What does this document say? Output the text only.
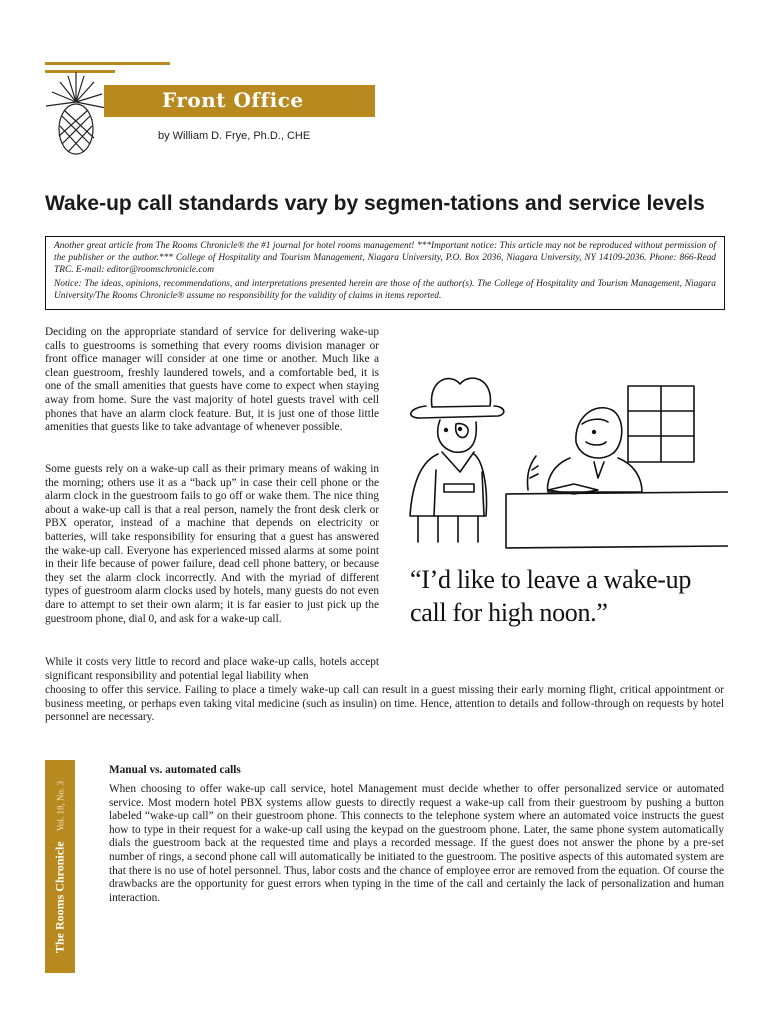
Front Office
by William D. Frye, Ph.D., CHE
Wake-up call standards vary by segmen-tations and service levels

Another great article from The Rooms Chronicle® the #1 journal for hotel rooms management! ***Important notice: This article may not be reproduced without permission of the publisher or the author.*** College of Hospitality and Tourism Management, Niagara University, P.O. Box 2036, Niagara University, NY 14109-2036. Phone: 866-Read TRC. E-mail: editor@roomschronicle.com

Notice: The ideas, opinions, recommendations, and interpretations presented herein are those of the author(s). The College of Hospitality and Tourism Management, Niagara University/The Rooms Chronicle® assume no responsibility for the validity of claims in items reported.

Deciding on the appropriate standard of service for delivering wake-up calls to guestrooms is something that every rooms division manager or front office manager will consider at one time or another. Much like a clean guestroom, freshly laundered towels, and a comfortable bed, it is one of the small amenities that guests have come to expect when staying away from home. Sure the vast majority of hotel guests travel with cell phones that have an alarm clock feature. But, it is just one of those little amenities that guests like to take advantage of whenever possible.

Some guests rely on a wake-up call as their primary means of waking in the morning; others use it as a “back up” in case their cell phone or the alarm clock in the guestroom fails to go off or wake them. The nice thing about a wake-up call is that a real person, namely the front desk clerk or PBX operator, instead of a machine that depends on electricity or batteries, will take responsibility for ensuring that a guest has answered the wake-up call. Everyone has experienced missed alarms at some point in their life because of power failure, dead cell phone battery, or because they set the alarm clock incorrectly. And with the myriad of different types of guestroom alarm clocks used by hotels, many guests do not even dare to attempt to set their own alarm; it is far easier to just pick up the guestroom phone, dial 0, and ask for a wake-up call.

While it costs very little to record and place wake-up calls, hotels accept significant responsibility and potential legal liability when

choosing to offer this service. Failing to place a timely wake-up call can result in a guest missing their early morning flight, critical appointment or business meeting, or perhaps even taking vital medicine (such as insulin) on time. Hence, attention to details and follow-through on requests by hotel personnel are necessary.

“I’d like to leave a wake-up call for high noon.”

The Rooms ChronicleVol. 18, No. 3
Manual vs. automated calls

When choosing to offer wake-up call service, hotel Management must decide whether to offer personalized service or automated service. Most modern hotel PBX systems allow guests to directly request a wake-up call from their guestroom by pushing a button labeled “wake-up call” on their guestroom phone. This connects to the telephone system where an automated voice instructs the guest how to type in their request for a wake-up call using the keypad on the guestroom phone. Later, the same phone system automatically dials the guestroom back at the requested time and plays a recorded message. If the guest does not answer the phone by a pre-set number of rings, a second phone call will automatically be initiated to the guestroom. The positive aspects of this automated system are that there is no use of hotel personnel. Thus, labor costs and the chance of employee error are removed from the equation. Of course the drawbacks are the opportunity for guest errors when typing in the time of the call and certainly the lack of personalization and human interaction.
